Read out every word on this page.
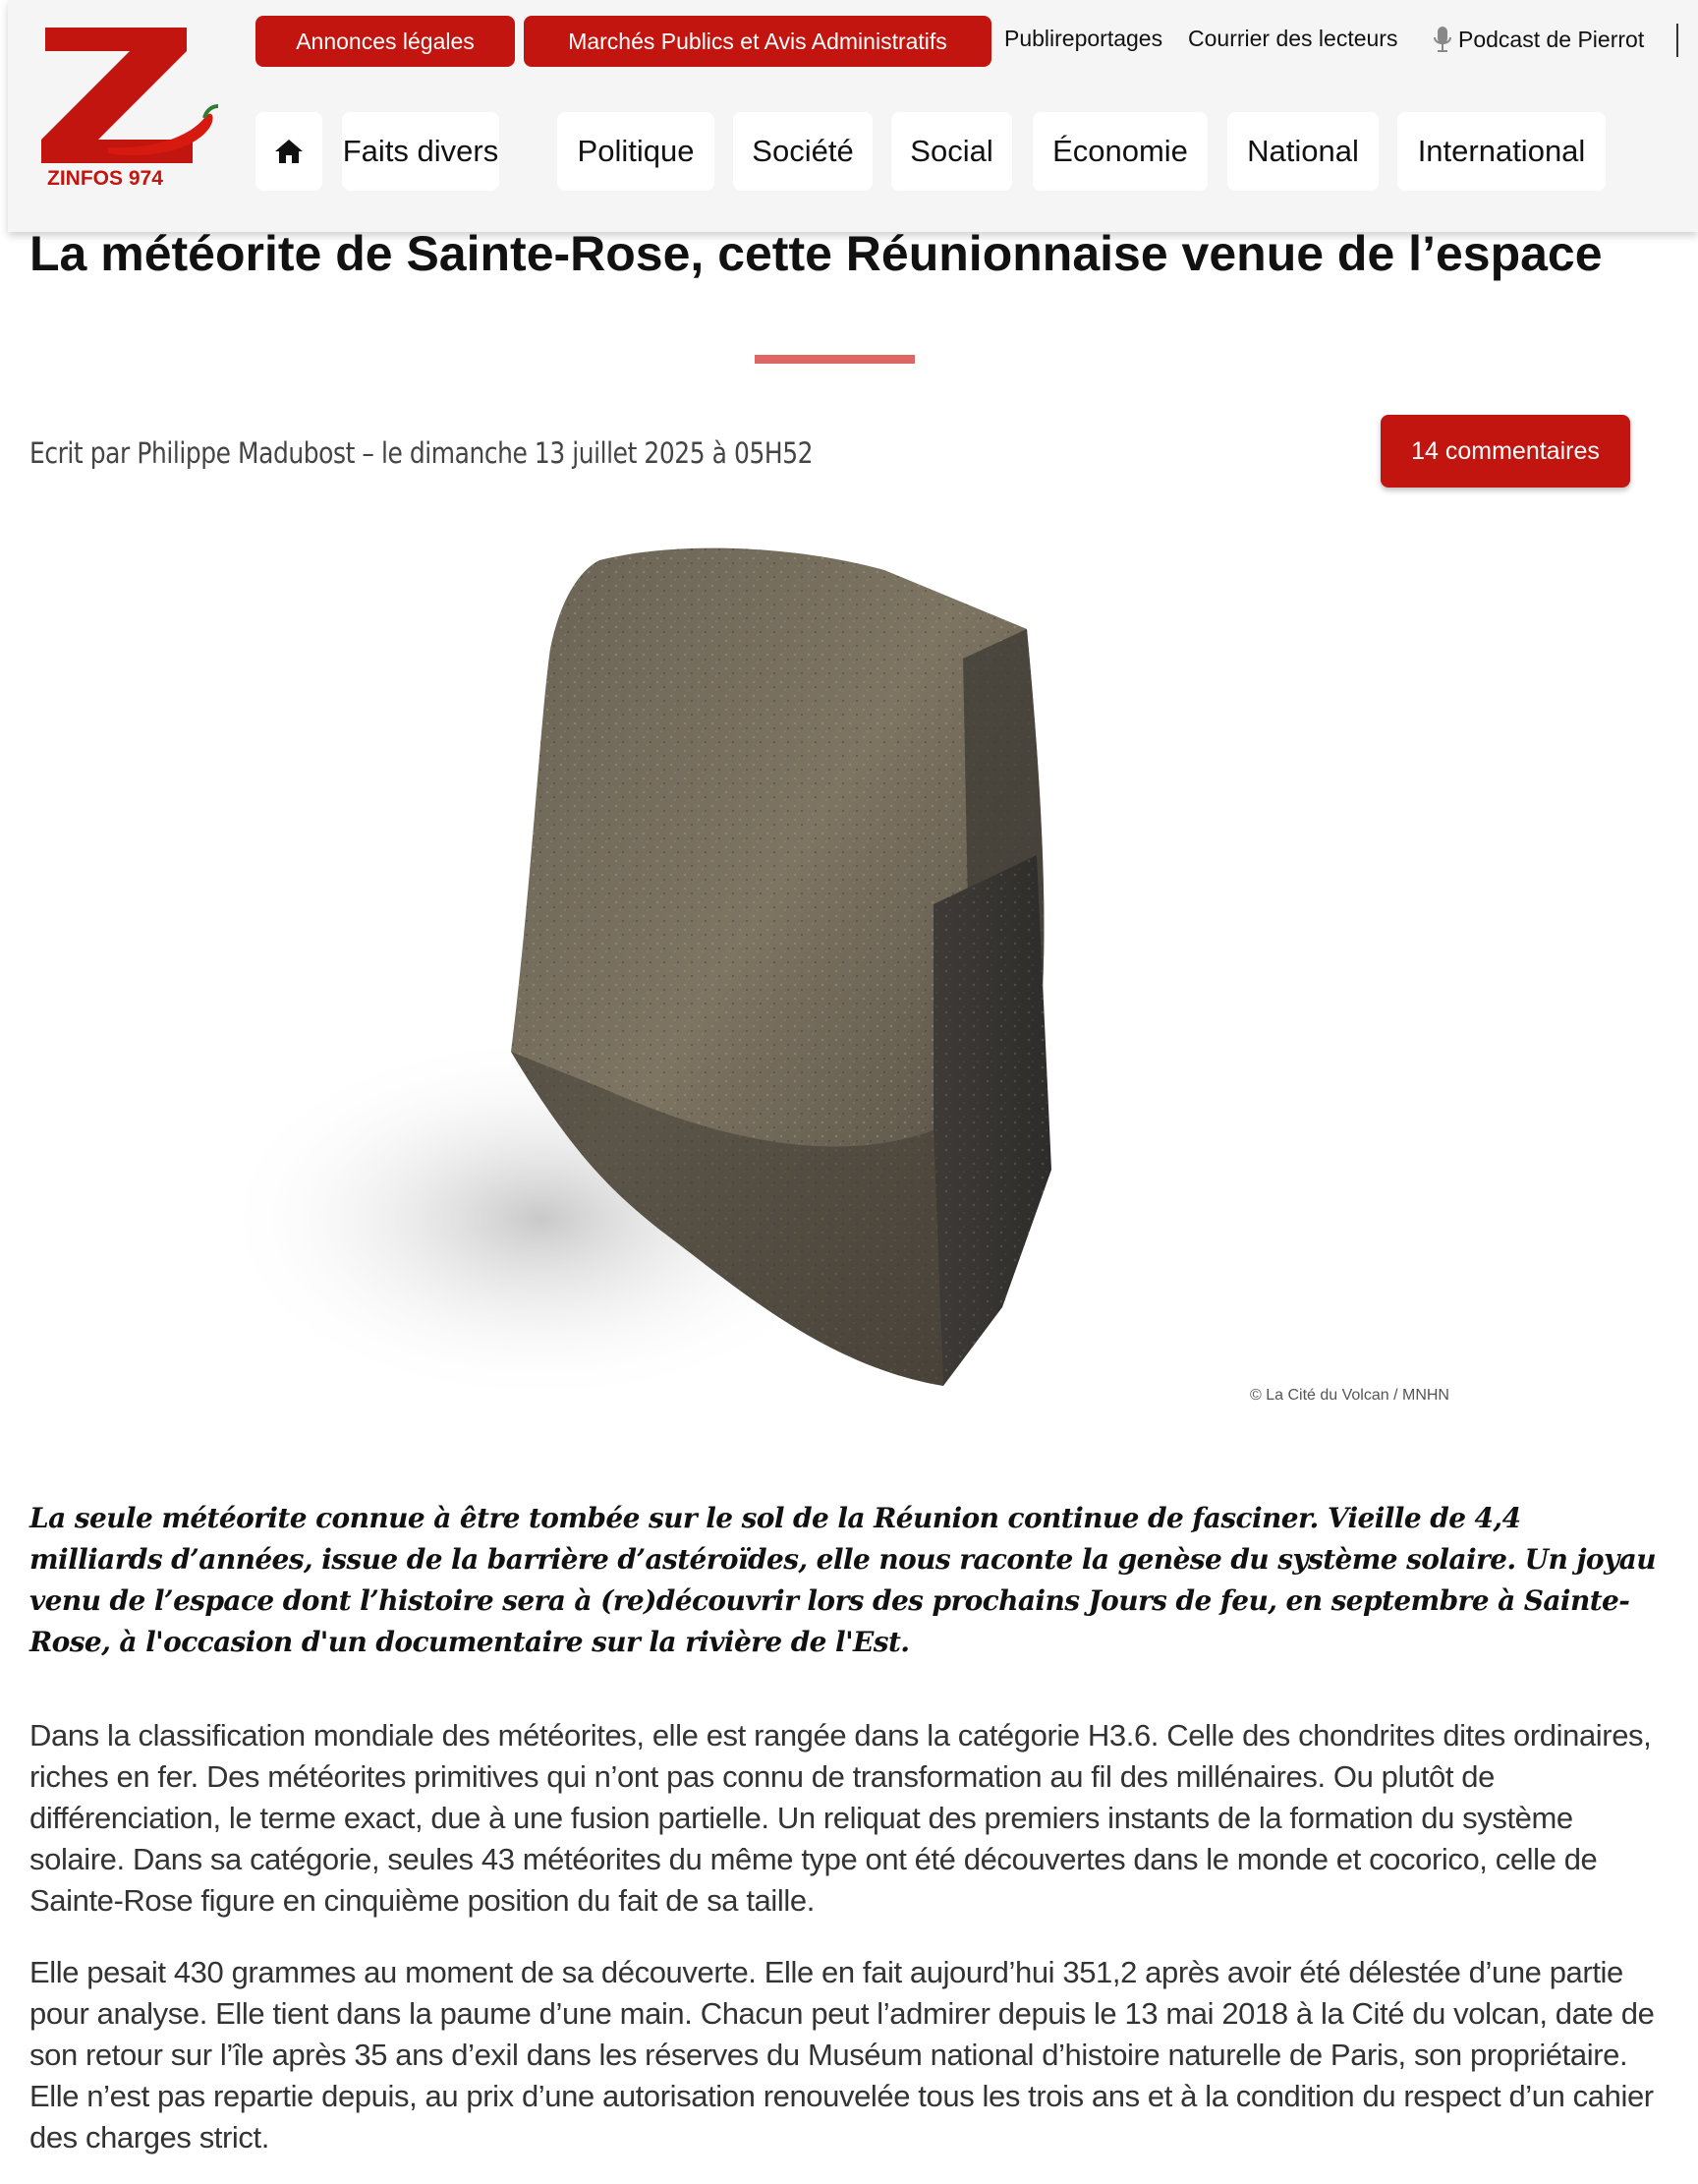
ZINFOS 974
Annonces légales	Marchés Publics et Avis Administratifs	Publireportages Courrier des lecteurs	Podcast de Pierrot
Faits divers	Politique	Société	Social	Économie	National	International
La météorite de Sainte-Rose, cette Réunionnaise venue de l’espace
Ecrit par Philippe Madubost – le dimanche 13 juillet 2025 à 05H52	14 commentaires
© La Cité du Volcan / MNHN

La seule météorite connue à être tombée sur le sol de la Réunion continue de fasciner. Vieille de 4,4 milliards d’années, issue de la barrière d’astéroïdes, elle nous raconte la genèse du système solaire. Un joyau venu de l’espace dont l’histoire sera à (re)découvrir lors des prochains Jours de feu, en septembre à Sainte-Rose, à l'occasion d'un documentaire sur la rivière de l'Est.

Dans la classification mondiale des météorites, elle est rangée dans la catégorie H3.6. Celle des chondrites dites ordinaires, riches en fer. Des météorites primitives qui n’ont pas connu de transformation au fil des millénaires. Ou plutôt de différenciation, le terme exact, due à une fusion partielle. Un reliquat des premiers instants de la formation du système solaire. Dans sa catégorie, seules 43 météorites du même type ont été découvertes dans le monde et cocorico, celle de Sainte-Rose figure en cinquième position du fait de sa taille.

Elle pesait 430 grammes au moment de sa découverte. Elle en fait aujourd’hui 351,2 après avoir été délestée d’une partie pour analyse. Elle tient dans la paume d’une main. Chacun peut l’admirer depuis le 13 mai 2018 à la Cité du volcan, date de son retour sur l’île après 35 ans d’exil dans les réserves du Muséum national d’histoire naturelle de Paris, son propriétaire. Elle n’est pas repartie depuis, au prix d’une autorisation renouvelée tous les trois ans et à la condition du respect d’un cahier des charges strict.
